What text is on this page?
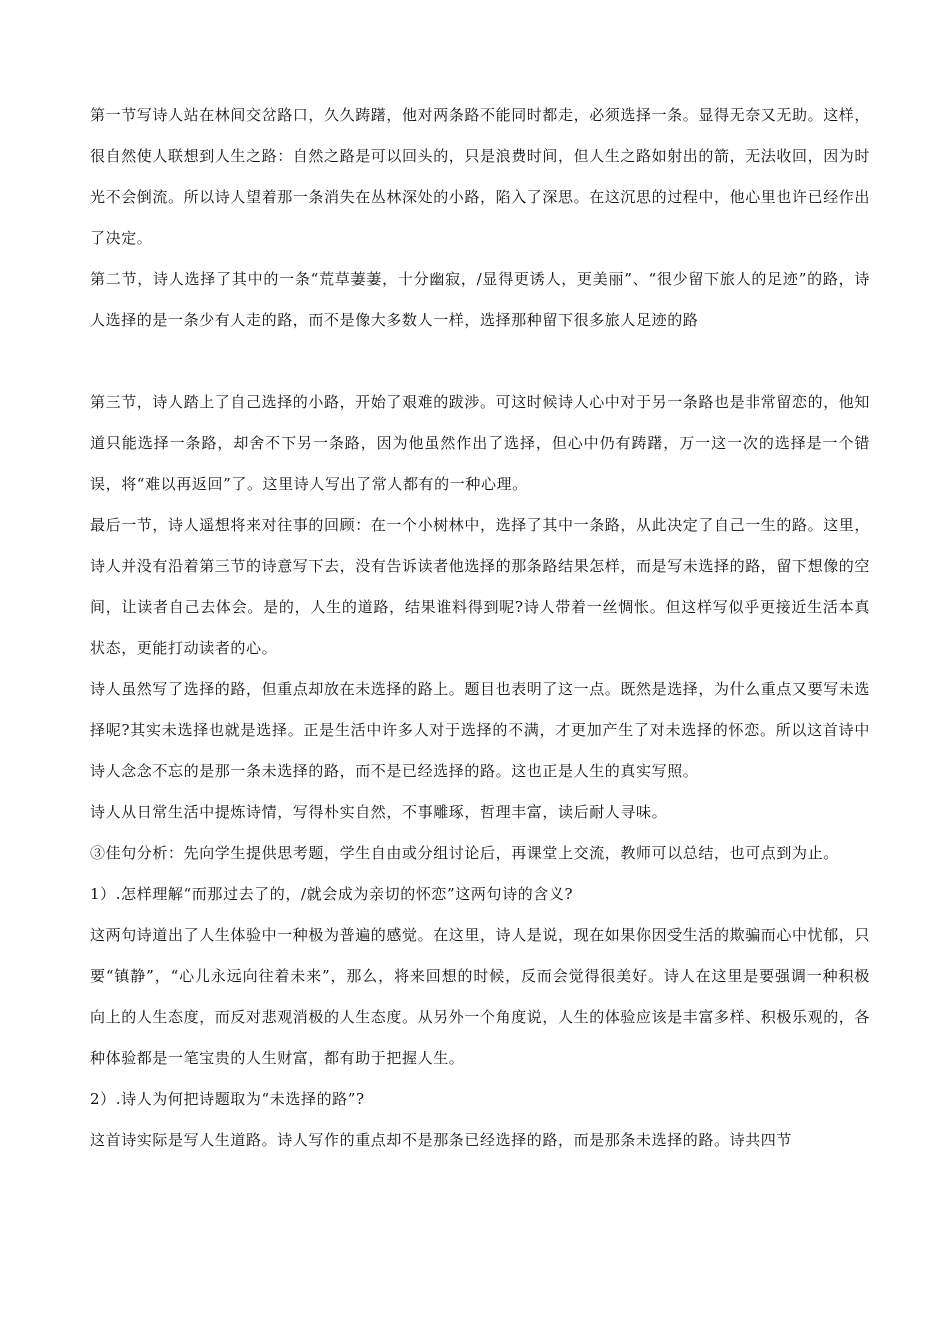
第一节写诗人站在林间交岔路口，久久踌躇，他对两条路不能同时都走，必须选择一条。显得无奈又无助。这样，很自然使人联想到人生之路：自然之路是可以回头的，只是浪费时间，但人生之路如射出的箭，无法收回，因为时光不会倒流。所以诗人望着那一条消失在丛林深处的小路，陷入了深思。在这沉思的过程中，他心里也许已经作出了决定。

第二节，诗人选择了其中的一条“荒草萋萋，十分幽寂，/显得更诱人，更美丽”、“很少留下旅人的足迹”的路，诗人选择的是一条少有人走的路，而不是像大多数人一样，选择那种留下很多旅人足迹的路

第三节，诗人踏上了自己选择的小路，开始了艰难的跋涉。可这时候诗人心中对于另一条路也是非常留恋的，他知道只能选择一条路，却舍不下另一条路，因为他虽然作出了选择，但心中仍有踌躇，万一这一次的选择是一个错误，将“难以再返回”了。这里诗人写出了常人都有的一种心理。

最后一节，诗人遥想将来对往事的回顾：在一个小树林中，选择了其中一条路，从此决定了自己一生的路。这里，诗人并没有沿着第三节的诗意写下去，没有告诉读者他选择的那条路结果怎样，而是写未选择的路，留下想像的空间，让读者自己去体会。是的，人生的道路，结果谁料得到呢?诗人带着一丝惆怅。但这样写似乎更接近生活本真状态，更能打动读者的心。

诗人虽然写了选择的路，但重点却放在未选择的路上。题目也表明了这一点。既然是选择，为什么重点又要写未选择呢?其实未选择也就是选择。正是生活中许多人对于选择的不满，才更加产生了对未选择的怀恋。所以这首诗中诗人念念不忘的是那一条未选择的路，而不是已经选择的路。这也正是人生的真实写照。

诗人从日常生活中提炼诗情，写得朴实自然，不事雕琢，哲理丰富，读后耐人寻味。

③佳句分析：先向学生提供思考题，学生自由或分组讨论后，再课堂上交流，教师可以总结，也可点到为止。

1）.怎样理解“而那过去了的，/就会成为亲切的怀恋”这两句诗的含义?

这两句诗道出了人生体验中一种极为普遍的感觉。在这里，诗人是说，现在如果你因受生活的欺骗而心中忧郁，只要“镇静”，“心儿永远向往着未来”，那么，将来回想的时候，反而会觉得很美好。诗人在这里是要强调一种积极向上的人生态度，而反对悲观消极的人生态度。从另外一个角度说，人生的体验应该是丰富多样、积极乐观的，各种体验都是一笔宝贵的人生财富，都有助于把握人生。

2）.诗人为何把诗题取为“未选择的路”?

这首诗实际是写人生道路。诗人写作的重点却不是那条已经选择的路，而是那条未选择的路。诗共四节
